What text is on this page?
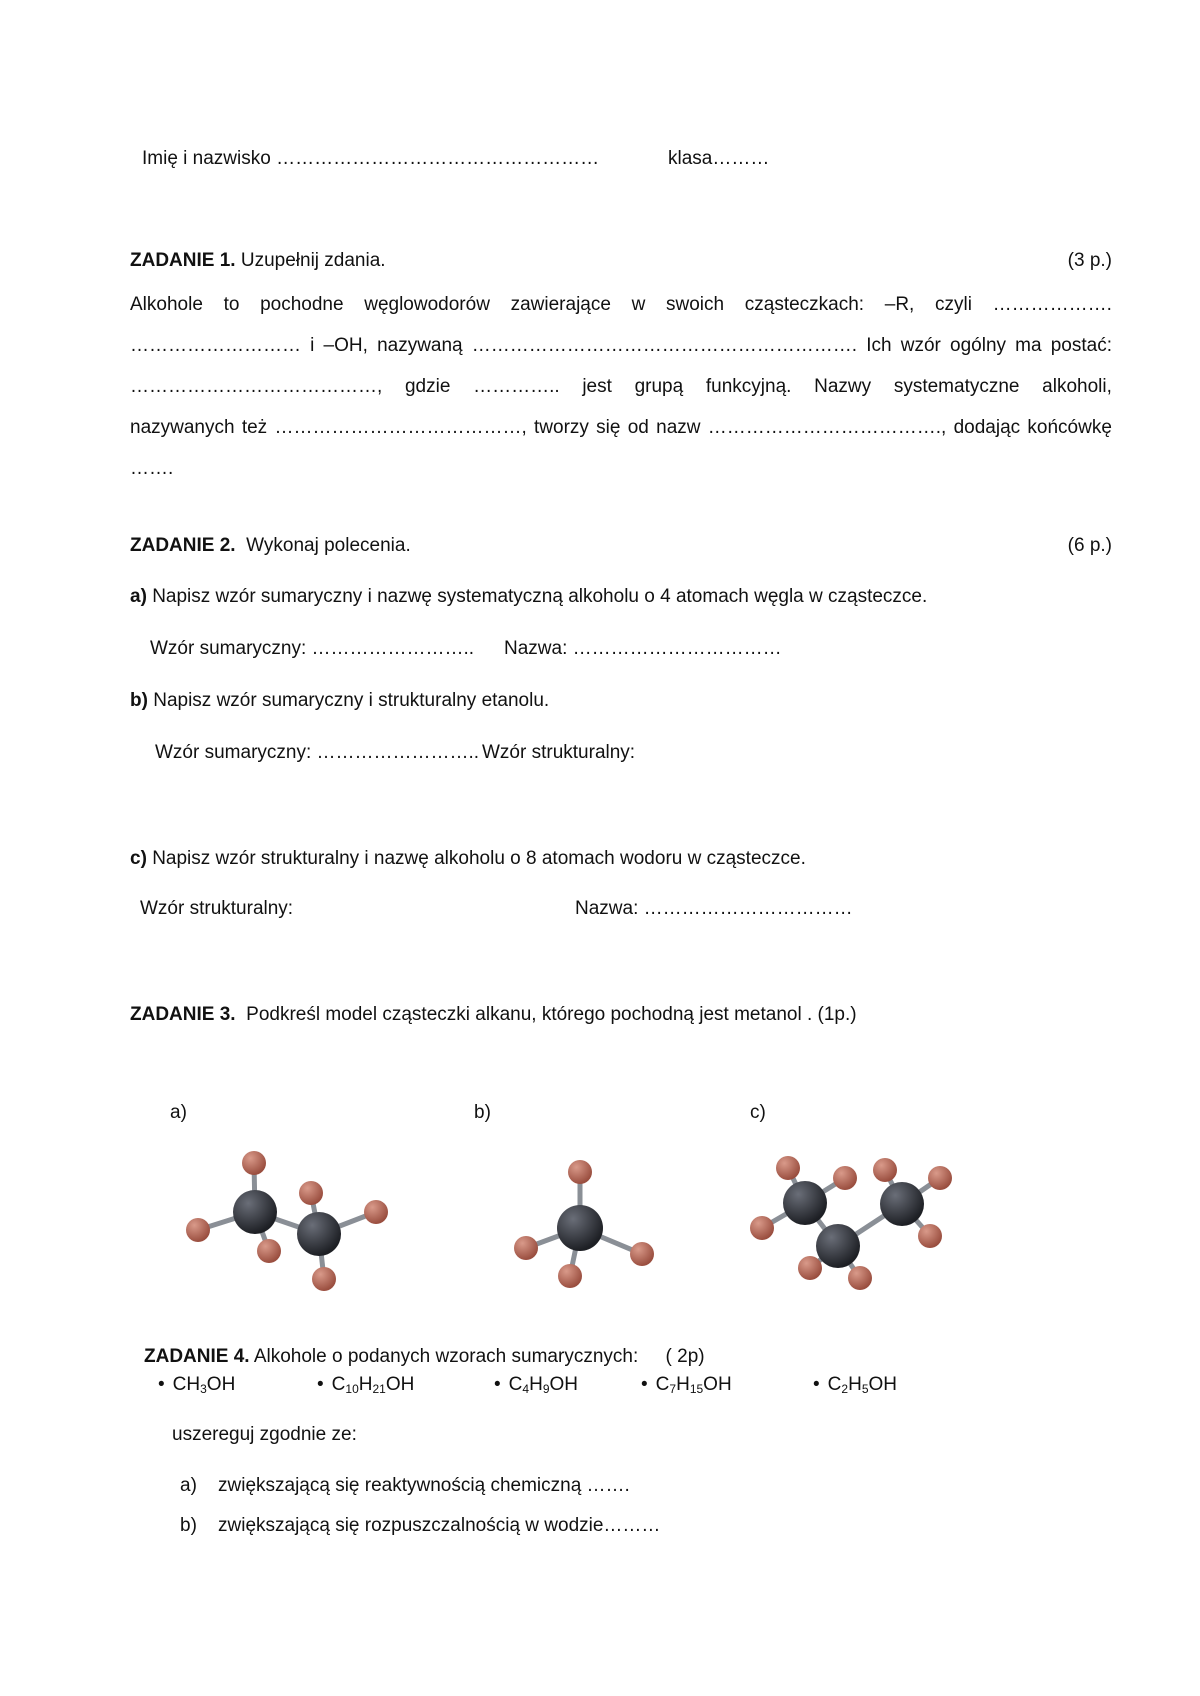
Imię i nazwisko ……………………………………………	klasa………
ZADANIE 1. Uzupełnij zdania.	(3 p.)
Alkohole to pochodne węglowodorów zawierające w swoich cząsteczkach: –R, czyli ……………….
……………………… i –OH, nazywaną ……………………………………………………. Ich wzór ogólny ma postać:
…………………………………, gdzie ………….. jest grupą funkcyjną. Nazwy systematyczne alkoholi,
nazywanych też …………………………………, tworzy się od nazw ………………………………., dodając końcówkę
…….
ZADANIE 2. Wykonaj polecenia.	(6 p.)
a) Napisz wzór sumaryczny i nazwę systematyczną alkoholu o 4 atomach węgla w cząsteczce.
Wzór sumaryczny: …………………….. Nazwa: ……………………………
b) Napisz wzór sumaryczny i strukturalny etanolu.
Wzór sumaryczny: …………………….. Wzór strukturalny:
c) Napisz wzór strukturalny i nazwę alkoholu o 8 atomach wodoru w cząsteczce.
Wzór strukturalny:	Nazwa: ……………………………
ZADANIE 3. Podkreśl model cząsteczki alkanu, którego pochodną jest metanol . (1p.)
a)	b)	c)
ZADANIE 4. Alkohole o podanych wzorach sumarycznych: ( 2p)
• $CH_3OH$	• $C_{10}H_{21}OH$	• $C_4H_9OH$	• $C_7H_{15}OH$	• $C_2H_5OH$
uszereguj zgodnie ze:
a) zwiększającą się reaktywnością chemiczną …….
b) zwiększającą się rozpuszczalnością w wodzie………
